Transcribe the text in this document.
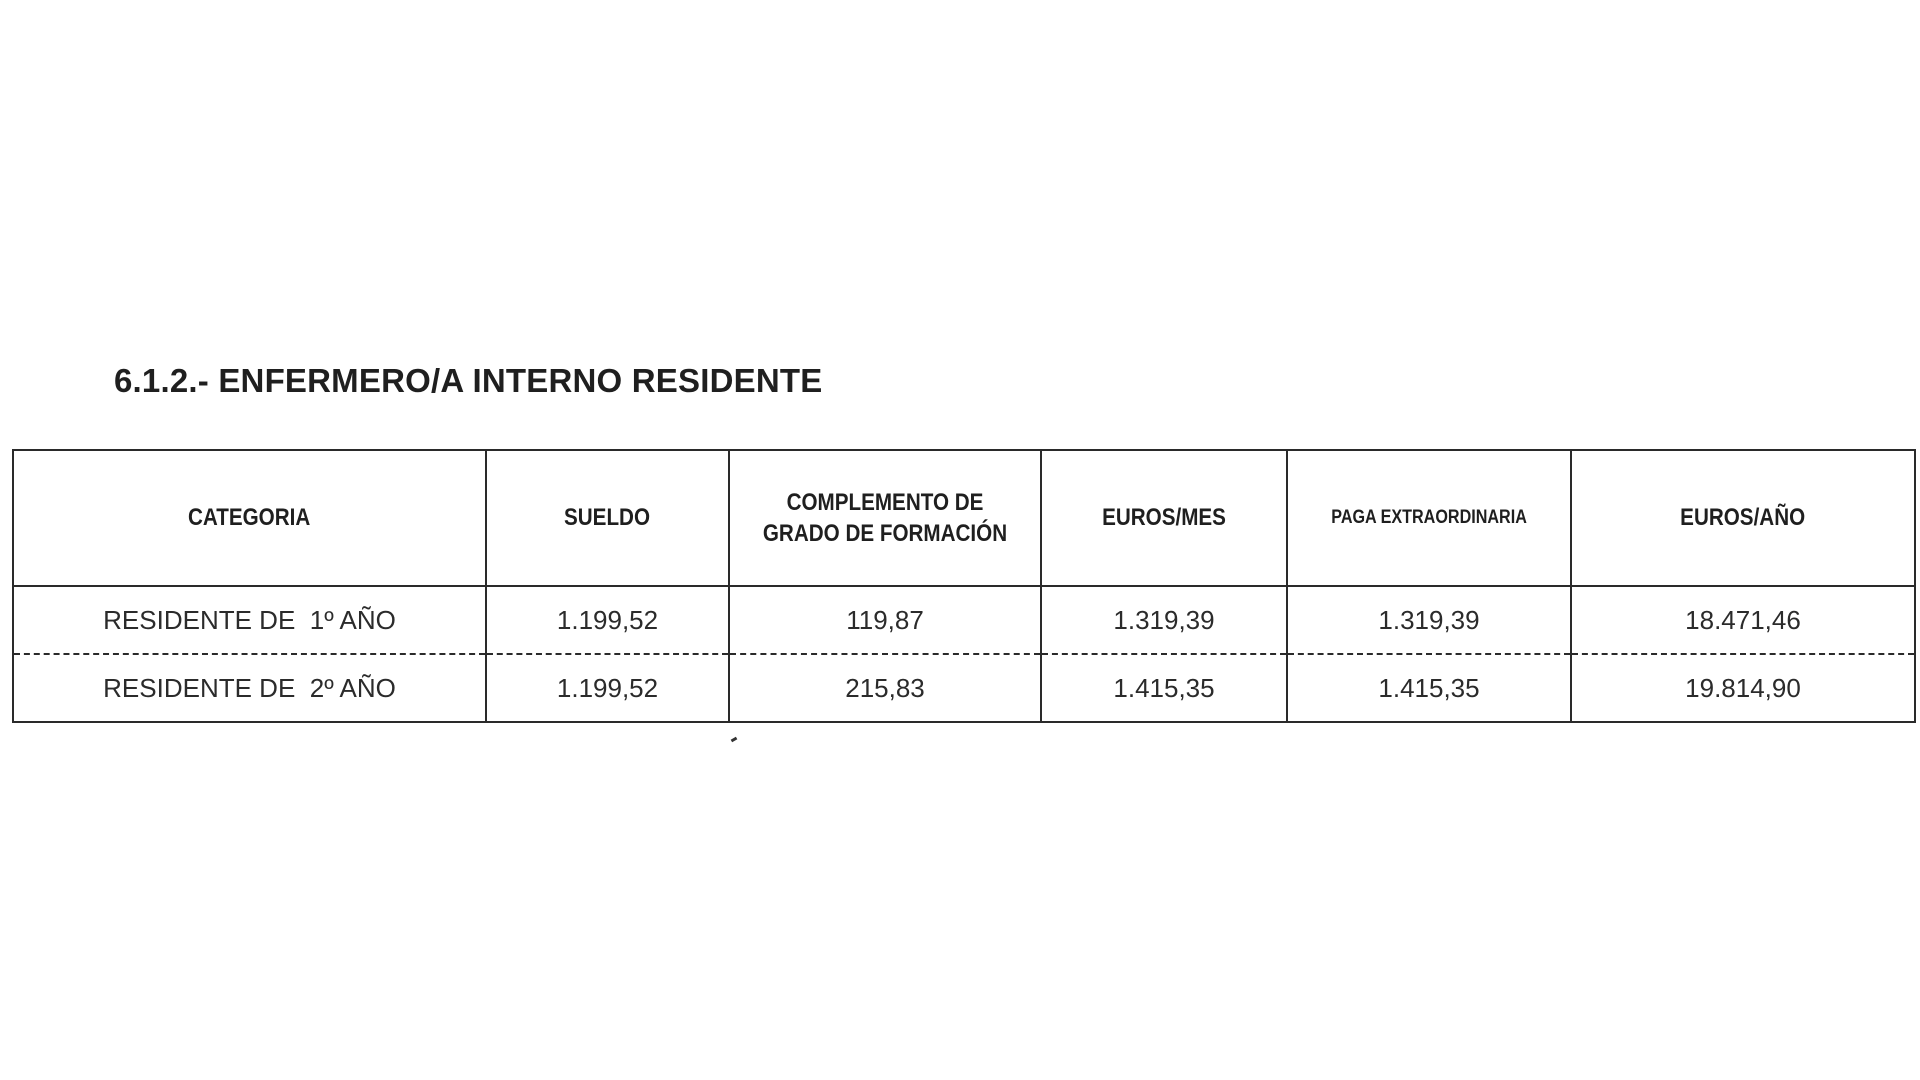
6.1.2.- ENFERMERO/A INTERNO RESIDENTE
CATEGORIA	SUELDO	COMPLEMENTO DE GRADO DE FORMACIÓN	EUROS/MES	PAGA EXTRAORDINARIA	EUROS/AÑO
RESIDENTE DE  1º AÑO	1.199,52	119,87	1.319,39	1.319,39	18.471,46
RESIDENTE DE  2º AÑO	1.199,52	215,83	1.415,35	1.415,35	19.814,90
